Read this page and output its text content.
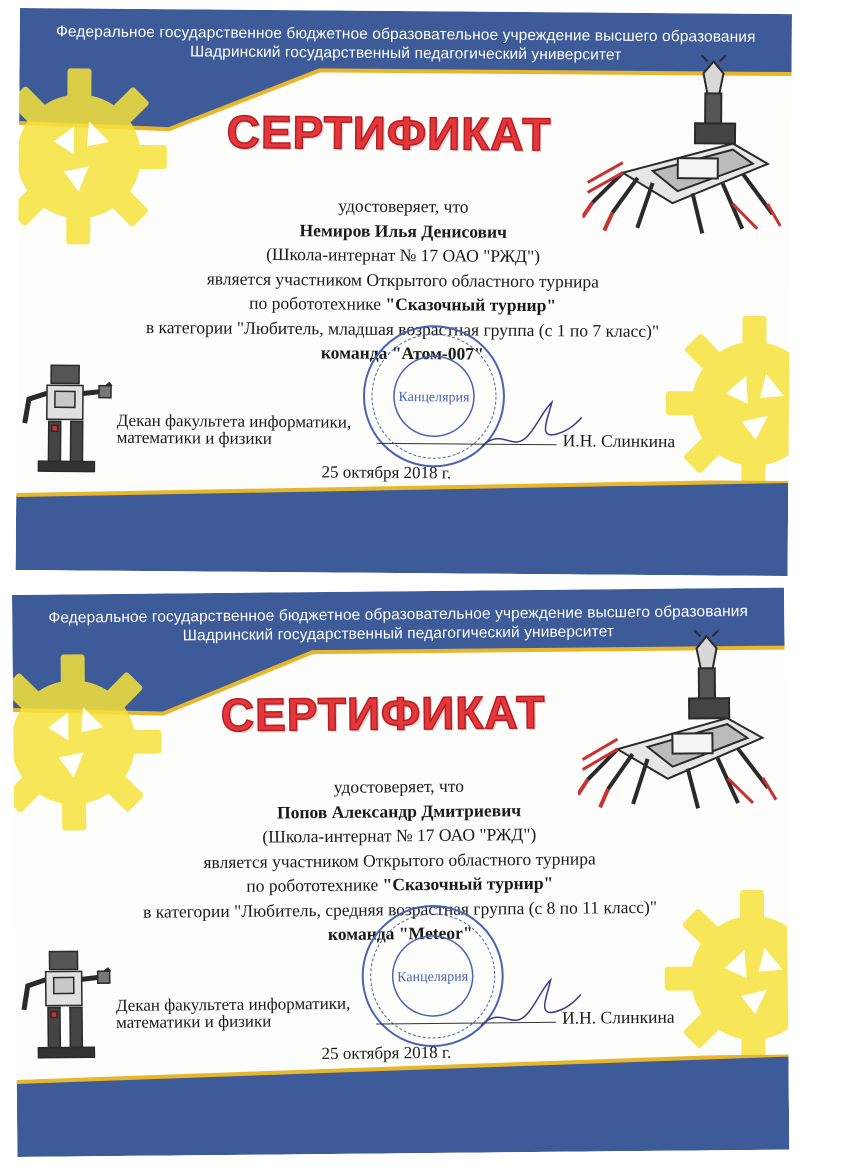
Федеральное государственное бюджетное образовательное учреждение высшего образования
Шадринский государственный педагогический университет
СЕРТИФИКАТ
удостоверяет, что
Немиров Илья Денисович
(Школа-интернат № 17 ОАО "РЖД")
является участником Открытого областного турнира
по робототехнике "Сказочный турнир"
в категории "Любитель, младшая возрастная группа (с 1 по 7 класс)"
команда "Атом-007"
Канцелярия
Декан факультета информатики,
математики и физики	И.Н. Слинкина
25 октября 2018 г.
Федеральное государственное бюджетное образовательное учреждение высшего образования
Шадринский государственный педагогический университет
СЕРТИФИКАТ
удостоверяет, что
Попов Александр Дмитриевич
(Школа-интернат № 17 ОАО "РЖД")
является участником Открытого областного турнира
по робототехнике "Сказочный турнир"
в категории "Любитель, средняя возрастная группа (с 8 по 11 класс)"
команда "Meteor"
Канцелярия
Декан факультета информатики,
математики и физики	И.Н. Слинкина
25 октября 2018 г.
